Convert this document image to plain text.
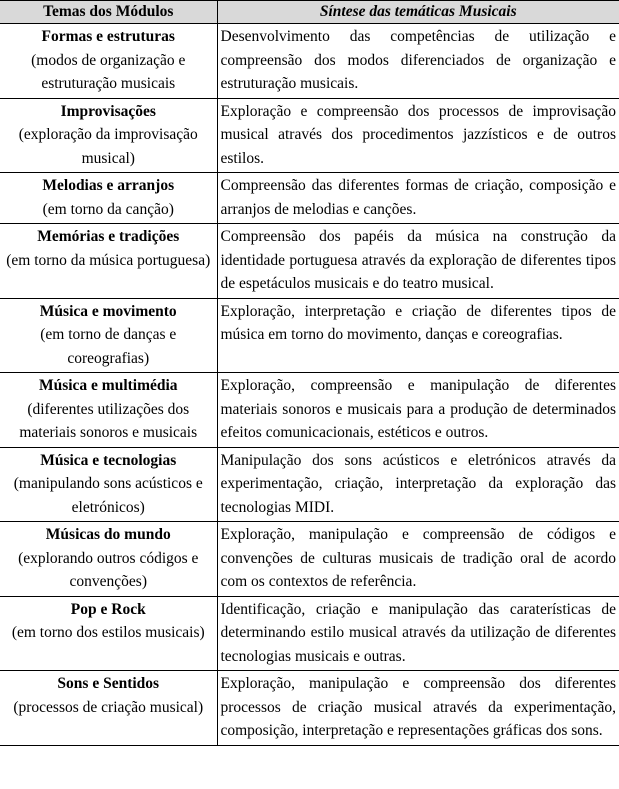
Temas dos Módulos	Síntese das temáticas Musicais

Formas e estruturas
(modos de organização e estruturação musicais	Desenvolvimento das competências de utilização e compreensão dos modos diferenciados de organização e estruturação musicais.

Improvisações
(exploração da improvisação musical)	Exploração e compreensão dos processos de improvisação musical através dos procedimentos jazzísticos e de outros estilos.

Melodias e arranjos
(em torno da canção)	Compreensão das diferentes formas de criação, composição e arranjos de melodias e canções.

Memórias e tradições
(em torno da música portuguesa)	Compreensão dos papéis da música na construção da identidade portuguesa através da exploração de diferentes tipos de espetáculos musicais e do teatro musical.

Música e movimento
(em torno de danças e coreografias)	Exploração, interpretação e criação de diferentes tipos de música em torno do movimento, danças e coreografias.

Música e multimédia
(diferentes utilizações dos materiais sonoros e musicais	Exploração, compreensão e manipulação de diferentes materiais sonoros e musicais para a produção de determinados efeitos comunicacionais, estéticos e outros.

Música e tecnologias
(manipulando sons acústicos e eletrónicos)	Manipulação dos sons acústicos e eletrónicos através da experimentação, criação, interpretação da exploração das tecnologias MIDI.

Músicas do mundo
(explorando outros códigos e convenções)	Exploração, manipulação e compreensão de códigos e convenções de culturas musicais de tradição oral de acordo com os contextos de referência.

Pop e Rock
(em torno dos estilos musicais)	Identificação, criação e manipulação das caraterísticas de determinando estilo musical através da utilização de diferentes tecnologias musicais e outras.

Sons e Sentidos
(processos de criação musical)	Exploração, manipulação e compreensão dos diferentes processos de criação musical através da experimentação, composição, interpretação e representações gráficas dos sons.
